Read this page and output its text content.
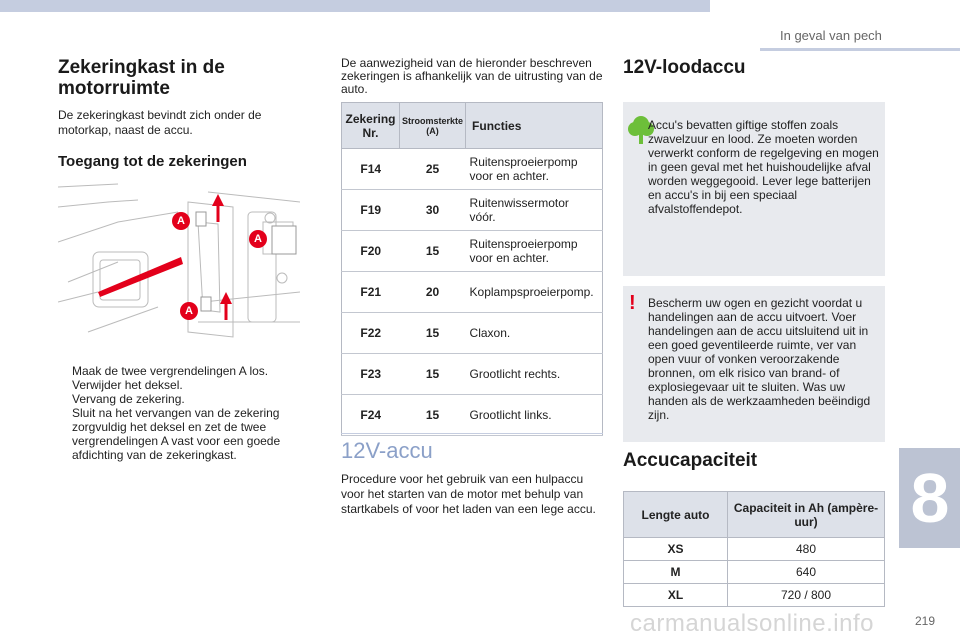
In geval van pech
Zekeringkast in de motorruimte

De zekeringkast bevindt zich onder de motorkap, naast de accu.

Toegang tot de zekeringen
A
A
A
Maak de twee vergrendelingen A los.
Verwijder het deksel.
Vervang de zekering.
Sluit na het vervangen van de zekering zorgvuldig het deksel en zet de twee vergrendelingen A vast voor een goede afdichting van de zekeringkast.

De aanwezigheid van de hieronder beschreven zekeringen is afhankelijk van de uitrusting van de auto.

Zekering Nr.	Stroomsterkte (A)	Functies
F14	25	Ruitensproeierpomp voor en achter.
F19	30	Ruitenwissermotor vóór.
F20	15	Ruitensproeierpomp voor en achter.
F21	20	Koplampsproeierpomp.
F22	15	Claxon.
F23	15	Grootlicht rechts.
F24	15	Grootlicht links.
12V-accu

Procedure voor het gebruik van een hulpaccu voor het starten van de motor met behulp van startkabels of voor het laden van een lege accu.

12V-loodaccu
Accu's bevatten giftige stoffen zoals zwavelzuur en lood. Ze moeten worden verwerkt conform de regelgeving en mogen in geen geval met het huishoudelijke afval worden weggegooid. Lever lege batterijen en accu's in bij een speciaal afvalstoffendepot.
! Bescherm uw ogen en gezicht voordat u handelingen aan de accu uitvoert. Voer handelingen aan de accu uitsluitend uit in een goed geventileerde ruimte, ver van open vuur of vonken veroorzakende bronnen, om elk risico van brand- of explosiegevaar uit te sluiten. Was uw handen als de werkzaamheden beëindigd zijn.
Accucapaciteit
Lengte auto	Capaciteit in Ah (ampère-uur)
XS	480
M	640
XL	720 / 800
8
carmanualsonline.info	219
